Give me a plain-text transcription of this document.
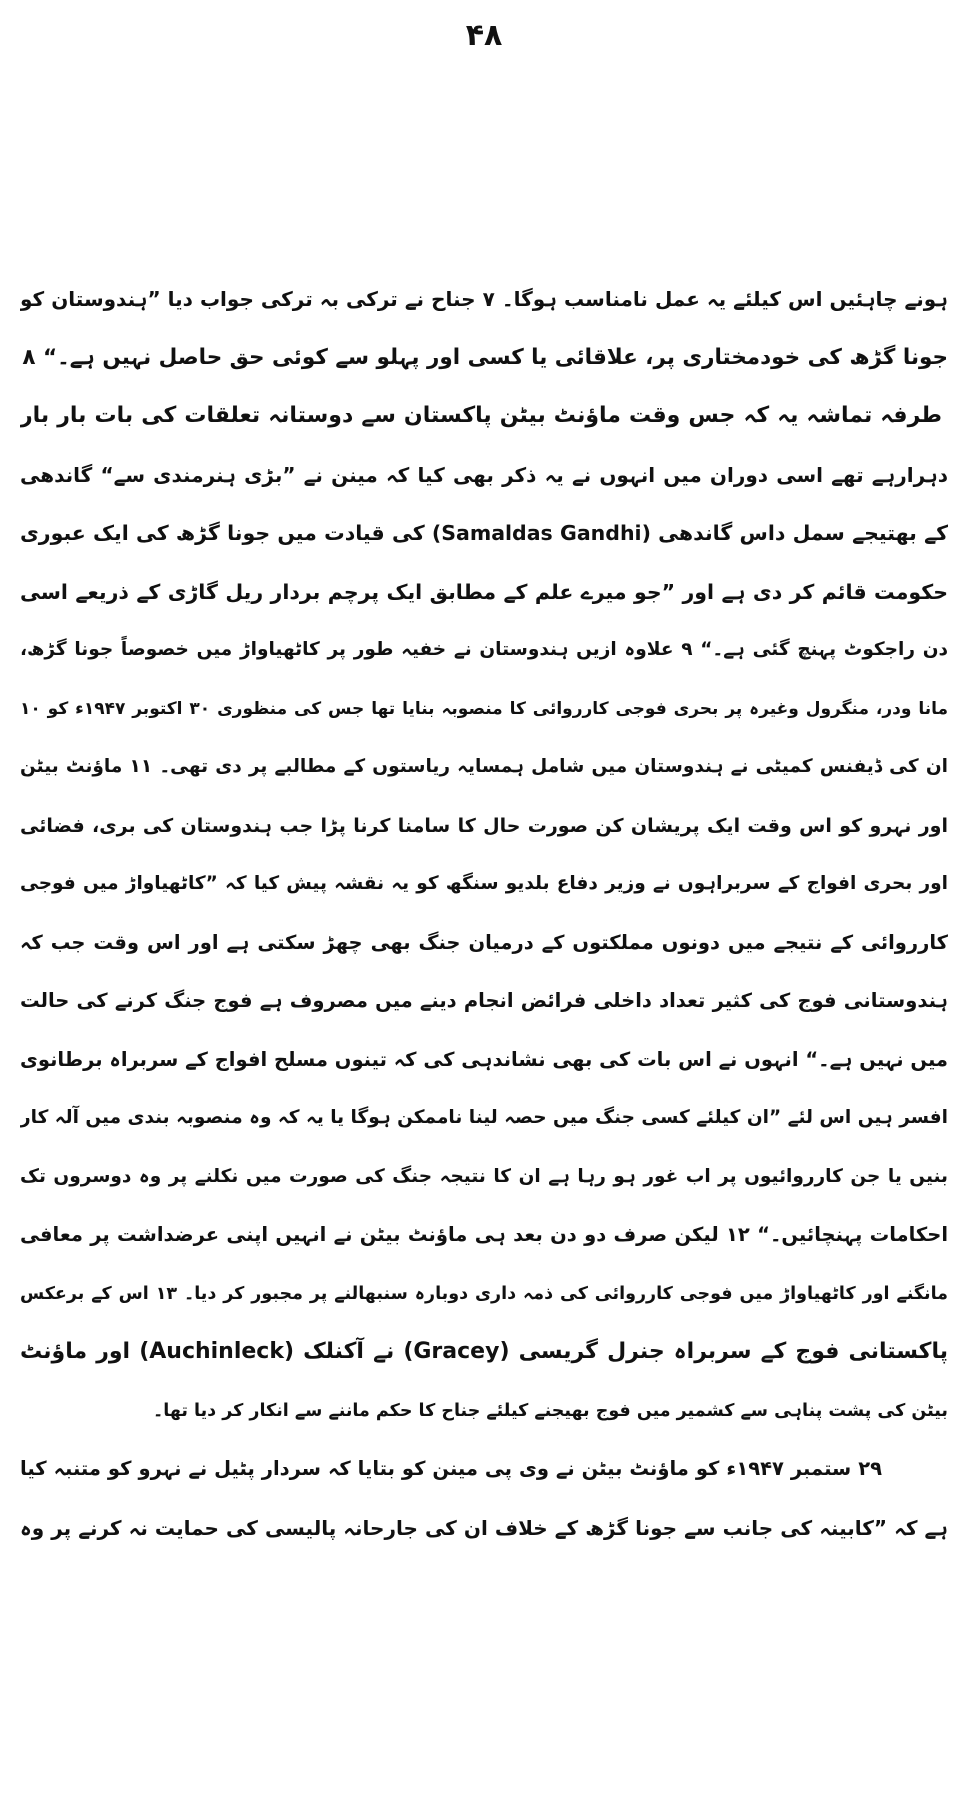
۴۸
ہونے چاہئیں اس کیلئے یہ عمل نامناسب ہوگا۔ ۷ جناح نے ترکی بہ ترکی جواب دیا ”ہندوستان کو
جونا گڑھ کی خودمختاری پر، علاقائی یا کسی اور پہلو سے کوئی حق حاصل نہیں ہے۔“ ۸
طرفہ تماشہ یہ کہ جس وقت ماؤنٹ بیٹن پاکستان سے دوستانہ تعلقات کی بات بار بار
دہرارہے تھے اسی دوران میں انہوں نے یہ ذکر بھی کیا کہ مینن نے ”بڑی ہنرمندی سے“ گاندھی
کے بھتیجے سمل داس گاندھی (Samaldas Gandhi) کی قیادت میں جونا گڑھ کی ایک عبوری
حکومت قائم کر دی ہے اور ”جو میرے علم کے مطابق ایک پرچم بردار ریل گاڑی کے ذریعے اسی
دن راجکوٹ پہنچ گئی ہے۔“ ۹ علاوہ ازیں ہندوستان نے خفیہ طور پر کاٹھیاواڑ میں خصوصاً جونا گڑھ،
مانا ودر، منگرول وغیرہ پر بحری فوجی کارروائی کا منصوبہ بنایا تھا جس کی منظوری ۳۰ اکتوبر ۱۹۴۷ء کو ۱۰
ان کی ڈیفنس کمیٹی نے ہندوستان میں شامل ہمسایہ ریاستوں کے مطالبے پر دی تھی۔ ۱۱ ماؤنٹ بیٹن
اور نہرو کو اس وقت ایک پریشان کن صورت حال کا سامنا کرنا پڑا جب ہندوستان کی بری، فضائی
اور بحری افواج کے سربراہوں نے وزیر دفاع بلدیو سنگھ کو یہ نقشہ پیش کیا کہ ”کاٹھیاواڑ میں فوجی
کارروائی کے نتیجے میں دونوں مملکتوں کے درمیان جنگ بھی چھڑ سکتی ہے اور اس وقت جب کہ
ہندوستانی فوج کی کثیر تعداد داخلی فرائض انجام دینے میں مصروف ہے فوج جنگ کرنے کی حالت
میں نہیں ہے۔“ انہوں نے اس بات کی بھی نشاندہی کی کہ تینوں مسلح افواج کے سربراہ برطانوی
افسر ہیں اس لئے ”ان کیلئے کسی جنگ میں حصہ لینا ناممکن ہوگا یا یہ کہ وہ منصوبہ بندی میں آلہ کار
بنیں یا جن کارروائیوں پر اب غور ہو رہا ہے ان کا نتیجہ جنگ کی صورت میں نکلنے پر وہ دوسروں تک
احکامات پہنچائیں۔“ ۱۲ لیکن صرف دو دن بعد ہی ماؤنٹ بیٹن نے انہیں اپنی عرضداشت پر معافی
مانگنے اور کاٹھیاواڑ میں فوجی کارروائی کی ذمہ داری دوبارہ سنبھالنے پر مجبور کر دیا۔ ۱۳ اس کے برعکس
پاکستانی فوج کے سربراہ جنرل گریسی (Gracey) نے آکنلک (Auchinleck) اور ماؤنٹ
بیٹن کی پشت پناہی سے کشمیر میں فوج بھیجنے کیلئے جناح کا حکم ماننے سے انکار کر دیا تھا۔
۲۹ ستمبر ۱۹۴۷ء کو ماؤنٹ بیٹن نے وی پی مینن کو بتایا کہ سردار پٹیل نے نہرو کو متنبہ کیا
ہے کہ ”کابینہ کی جانب سے جونا گڑھ کے خلاف ان کی جارحانہ پالیسی کی حمایت نہ کرنے پر وہ
